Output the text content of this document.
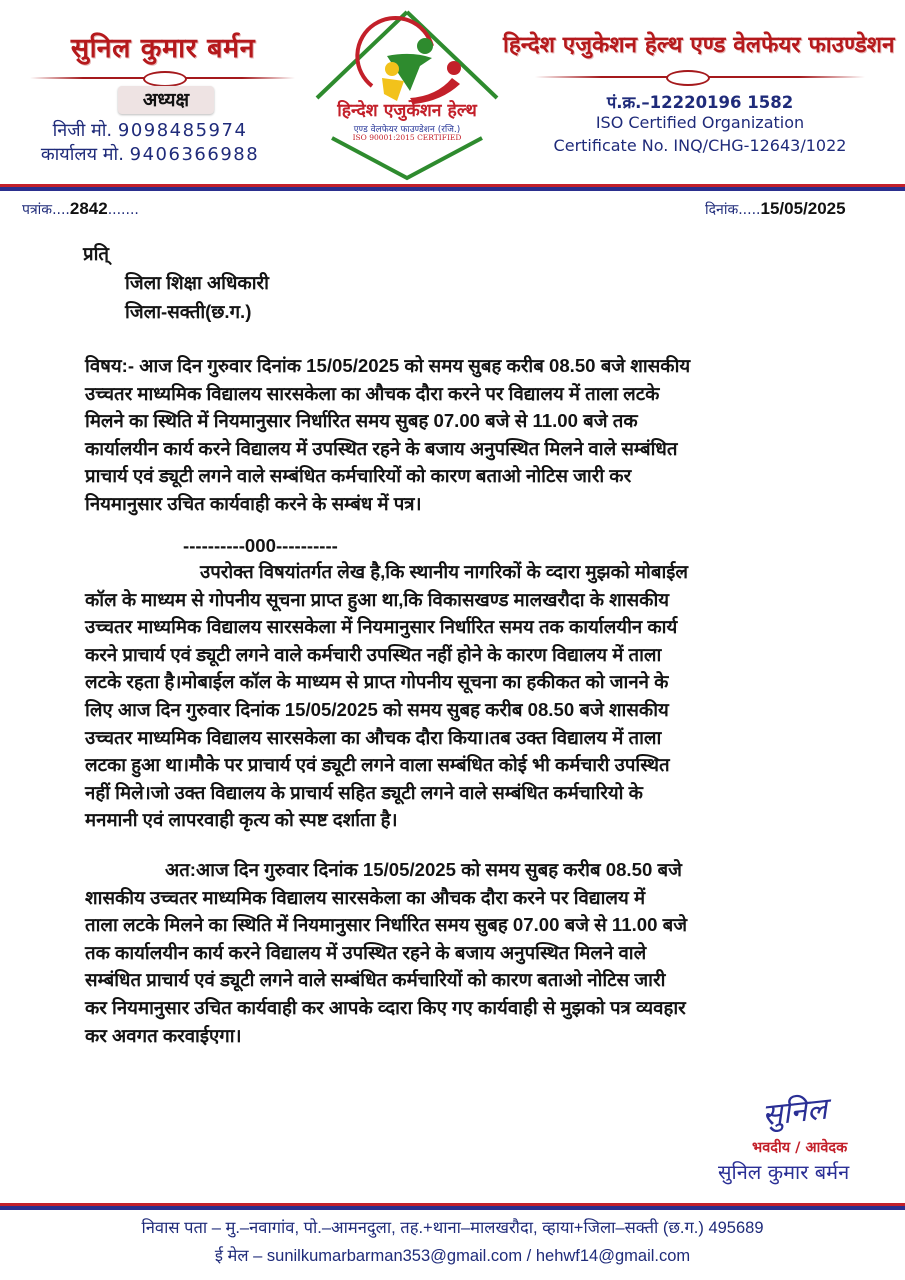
सुनिल कुमार बर्मन
अध्यक्ष
निजी मो. 9098485974
कार्यालय मो. 9406366988
हिन्देश एजुकेशन हेल्थ
एण्ड वेलफेयर फाउण्डेशन (रजि.)
ISO 90001:2015 CERTIFIED
हिन्देश एजुकेशन हेल्थ एण्ड वेलफेयर फाउण्डेशन
पं.क्र.–12220196 1582
ISO Certified Organization
Certificate No. INQ/CHG-12643/1022
पत्रांक....2842.......	दिनांक.....15/05/2025
प्रति्
जिला शिक्षा अधिकारी
जिला-सक्ती(छ.ग.)
विषय:- आज दिन गुरुवार दिनांक 15/05/2025 को समय सुबह करीब 08.50 बजे शासकीय
उच्चतर माध्यमिक विद्यालय सारसकेला का औचक दौरा करने पर विद्यालय में ताला लटके
मिलने का स्थिति में नियमानुसार निर्धारित समय सुबह 07.00 बजे से 11.00 बजे तक
कार्यालयीन कार्य करने विद्यालय में उपस्थित रहने के बजाय अनुपस्थित मिलने वाले सम्बंधित
प्राचार्य एवं ड्यूटी लगने वाले सम्बंधित कर्मचारियों को कारण बताओ नोटिस जारी कर
नियमानुसार उचित कार्यवाही करने के सम्बंध में पत्र।
----------000----------
उपरोक्त विषयांतर्गत लेख है,कि स्थानीय नागरिकों के व्दारा मुझको मोबाईल
कॉल के माध्यम से गोपनीय सूचना प्राप्त हुआ था,कि विकासखण्ड मालखरौदा के शासकीय
उच्चतर माध्यमिक विद्यालय सारसकेला में नियमानुसार निर्धारित समय तक कार्यालयीन कार्य
करने प्राचार्य एवं ड्यूटी लगने वाले कर्मचारी उपस्थित नहीं होने के कारण विद्यालय में ताला
लटके रहता है।मोबाईल कॉल के माध्यम से प्राप्त गोपनीय सूचना का हकीकत को जानने के
लिए आज दिन गुरुवार दिनांक 15/05/2025 को समय सुबह करीब 08.50 बजे शासकीय
उच्चतर माध्यमिक विद्यालय सारसकेला का औचक दौरा किया।तब उक्त विद्यालय में ताला
लटका हुआ था।मौके पर प्राचार्य एवं ड्यूटी लगने वाला सम्बंधित कोई भी कर्मचारी उपस्थित
नहीं मिले।जो उक्त विद्यालय के प्राचार्य सहित ड्यूटी लगने वाले सम्बंधित कर्मचारियो के
मनमानी एवं लापरवाही कृत्य को स्पष्ट दर्शाता है।
अत:आज दिन गुरुवार दिनांक 15/05/2025 को समय सुबह करीब 08.50 बजे
शासकीय उच्चतर माध्यमिक विद्यालय सारसकेला का औचक दौरा करने पर विद्यालय में
ताला लटके मिलने का स्थिति में नियमानुसार निर्धारित समय सुबह 07.00 बजे से 11.00 बजे
तक कार्यालयीन कार्य करने विद्यालय में उपस्थित रहने के बजाय अनुपस्थित मिलने वाले
सम्बंधित प्राचार्य एवं ड्यूटी लगने वाले सम्बंधित कर्मचारियों को कारण बताओ नोटिस जारी
कर नियमानुसार उचित कार्यवाही कर आपके व्दारा किए गए कार्यवाही से मुझको पत्र व्यवहार
कर अवगत करवाईएगा।
सुनिल
भवदीय / आवेदक
सुनिल कुमार बर्मन
निवास पता – मु.–नवागांव, पो.–आमनदुला, तह.+थाना–मालखरौदा, व्हाया+जिला–सक्ती (छ.ग.) 495689
ई मेल – sunilkumarbarman353@gmail.com / hehwf14@gmail.com
